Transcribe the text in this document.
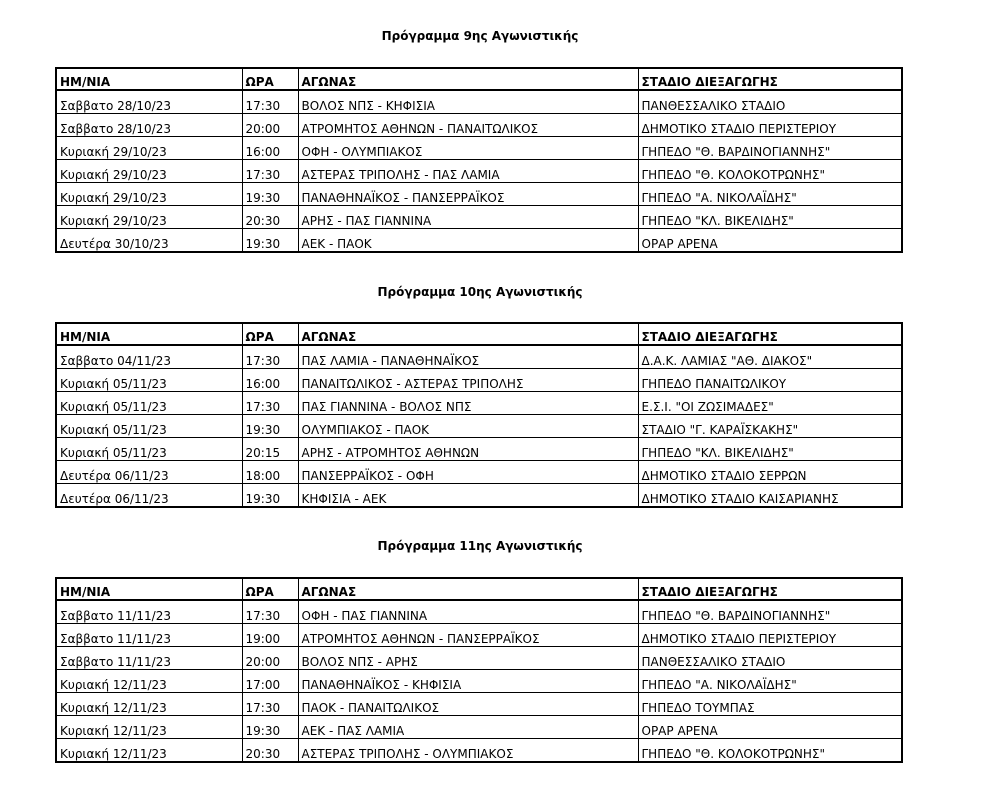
Πρόγραμμα 9ης Αγωνιστικής
ΗΜ/ΝΙΑ	ΩΡΑ	ΑΓΩΝΑΣ	ΣΤΑΔΙΟ ΔΙΕΞΑΓΩΓΗΣ
Σαββατο 28/10/23	17:30	ΒΟΛΟΣ ΝΠΣ - ΚΗΦΙΣΙΑ	ΠΑΝΘΕΣΣΑΛΙΚΟ ΣΤΑΔΙΟ
Σαββατο 28/10/23	20:00	ΑΤΡΟΜΗΤΟΣ ΑΘΗΝΩΝ - ΠΑΝΑΙΤΩΛΙΚΟΣ	ΔΗΜΟΤΙΚΟ ΣΤΑΔΙΟ ΠΕΡΙΣΤΕΡΙΟΥ
Κυριακή 29/10/23	16:00	ΟΦΗ - ΟΛΥΜΠΙΑΚΟΣ	ΓΗΠΕΔΟ "Θ. ΒΑΡΔΙΝΟΓΙΑΝΝΗΣ"
Κυριακή 29/10/23	17:30	ΑΣΤΕΡΑΣ ΤΡΙΠΟΛΗΣ - ΠΑΣ ΛΑΜΙΑ	ΓΗΠΕΔΟ "Θ. ΚΟΛΟΚΟΤΡΩΝΗΣ"
Κυριακή 29/10/23	19:30	ΠΑΝΑΘΗΝΑΪΚΟΣ - ΠΑΝΣΕΡΡΑΪΚΟΣ	ΓΗΠΕΔΟ "Α. ΝΙΚΟΛΑΪΔΗΣ"
Κυριακή 29/10/23	20:30	ΑΡΗΣ - ΠΑΣ ΓΙΑΝΝΙΝΑ	ΓΗΠΕΔΟ "ΚΛ. ΒΙΚΕΛΙΔΗΣ"
Δευτέρα 30/10/23	19:30	ΑΕΚ - ΠΑΟΚ	ΟΡΑΡ ΑΡΕΝΑ
Πρόγραμμα 10ης Αγωνιστικής
ΗΜ/ΝΙΑ	ΩΡΑ	ΑΓΩΝΑΣ	ΣΤΑΔΙΟ ΔΙΕΞΑΓΩΓΗΣ
Σαββατο 04/11/23	17:30	ΠΑΣ ΛΑΜΙΑ - ΠΑΝΑΘΗΝΑΪΚΟΣ	Δ.Α.Κ. ΛΑΜΙΑΣ "ΑΘ. ΔΙΑΚΟΣ"
Κυριακή 05/11/23	16:00	ΠΑΝΑΙΤΩΛΙΚΟΣ - ΑΣΤΕΡΑΣ ΤΡΙΠΟΛΗΣ	ΓΗΠΕΔΟ ΠΑΝΑΙΤΩΛΙΚΟΥ
Κυριακή 05/11/23	17:30	ΠΑΣ ΓΙΑΝΝΙΝΑ - ΒΟΛΟΣ ΝΠΣ	Ε.Σ.Ι. "ΟΙ ΖΩΣΙΜΑΔΕΣ"
Κυριακή 05/11/23	19:30	ΟΛΥΜΠΙΑΚΟΣ - ΠΑΟΚ	ΣΤΑΔΙΟ "Γ. ΚΑΡΑΪΣΚΑΚΗΣ"
Κυριακή 05/11/23	20:15	ΑΡΗΣ - ΑΤΡΟΜΗΤΟΣ ΑΘΗΝΩΝ	ΓΗΠΕΔΟ "ΚΛ. ΒΙΚΕΛΙΔΗΣ"
Δευτέρα 06/11/23	18:00	ΠΑΝΣΕΡΡΑΪΚΟΣ - ΟΦΗ	ΔΗΜΟΤΙΚΟ ΣΤΑΔΙΟ ΣΕΡΡΩΝ
Δευτέρα 06/11/23	19:30	ΚΗΦΙΣΙΑ - ΑΕΚ	ΔΗΜΟΤΙΚΟ ΣΤΑΔΙΟ ΚΑΙΣΑΡΙΑΝΗΣ
Πρόγραμμα 11ης Αγωνιστικής
ΗΜ/ΝΙΑ	ΩΡΑ	ΑΓΩΝΑΣ	ΣΤΑΔΙΟ ΔΙΕΞΑΓΩΓΗΣ
Σαββατο 11/11/23	17:30	ΟΦΗ - ΠΑΣ ΓΙΑΝΝΙΝΑ	ΓΗΠΕΔΟ "Θ. ΒΑΡΔΙΝΟΓΙΑΝΝΗΣ"
Σαββατο 11/11/23	19:00	ΑΤΡΟΜΗΤΟΣ ΑΘΗΝΩΝ - ΠΑΝΣΕΡΡΑΪΚΟΣ	ΔΗΜΟΤΙΚΟ ΣΤΑΔΙΟ ΠΕΡΙΣΤΕΡΙΟΥ
Σαββατο 11/11/23	20:00	ΒΟΛΟΣ ΝΠΣ - ΑΡΗΣ	ΠΑΝΘΕΣΣΑΛΙΚΟ ΣΤΑΔΙΟ
Κυριακή 12/11/23	17:00	ΠΑΝΑΘΗΝΑΪΚΟΣ - ΚΗΦΙΣΙΑ	ΓΗΠΕΔΟ "Α. ΝΙΚΟΛΑΪΔΗΣ"
Κυριακή 12/11/23	17:30	ΠΑΟΚ - ΠΑΝΑΙΤΩΛΙΚΟΣ	ΓΗΠΕΔΟ ΤΟΥΜΠΑΣ
Κυριακή 12/11/23	19:30	ΑΕΚ - ΠΑΣ ΛΑΜΙΑ	ΟΡΑΡ ΑΡΕΝΑ
Κυριακή 12/11/23	20:30	ΑΣΤΕΡΑΣ ΤΡΙΠΟΛΗΣ - ΟΛΥΜΠΙΑΚΟΣ	ΓΗΠΕΔΟ "Θ. ΚΟΛΟΚΟΤΡΩΝΗΣ"
